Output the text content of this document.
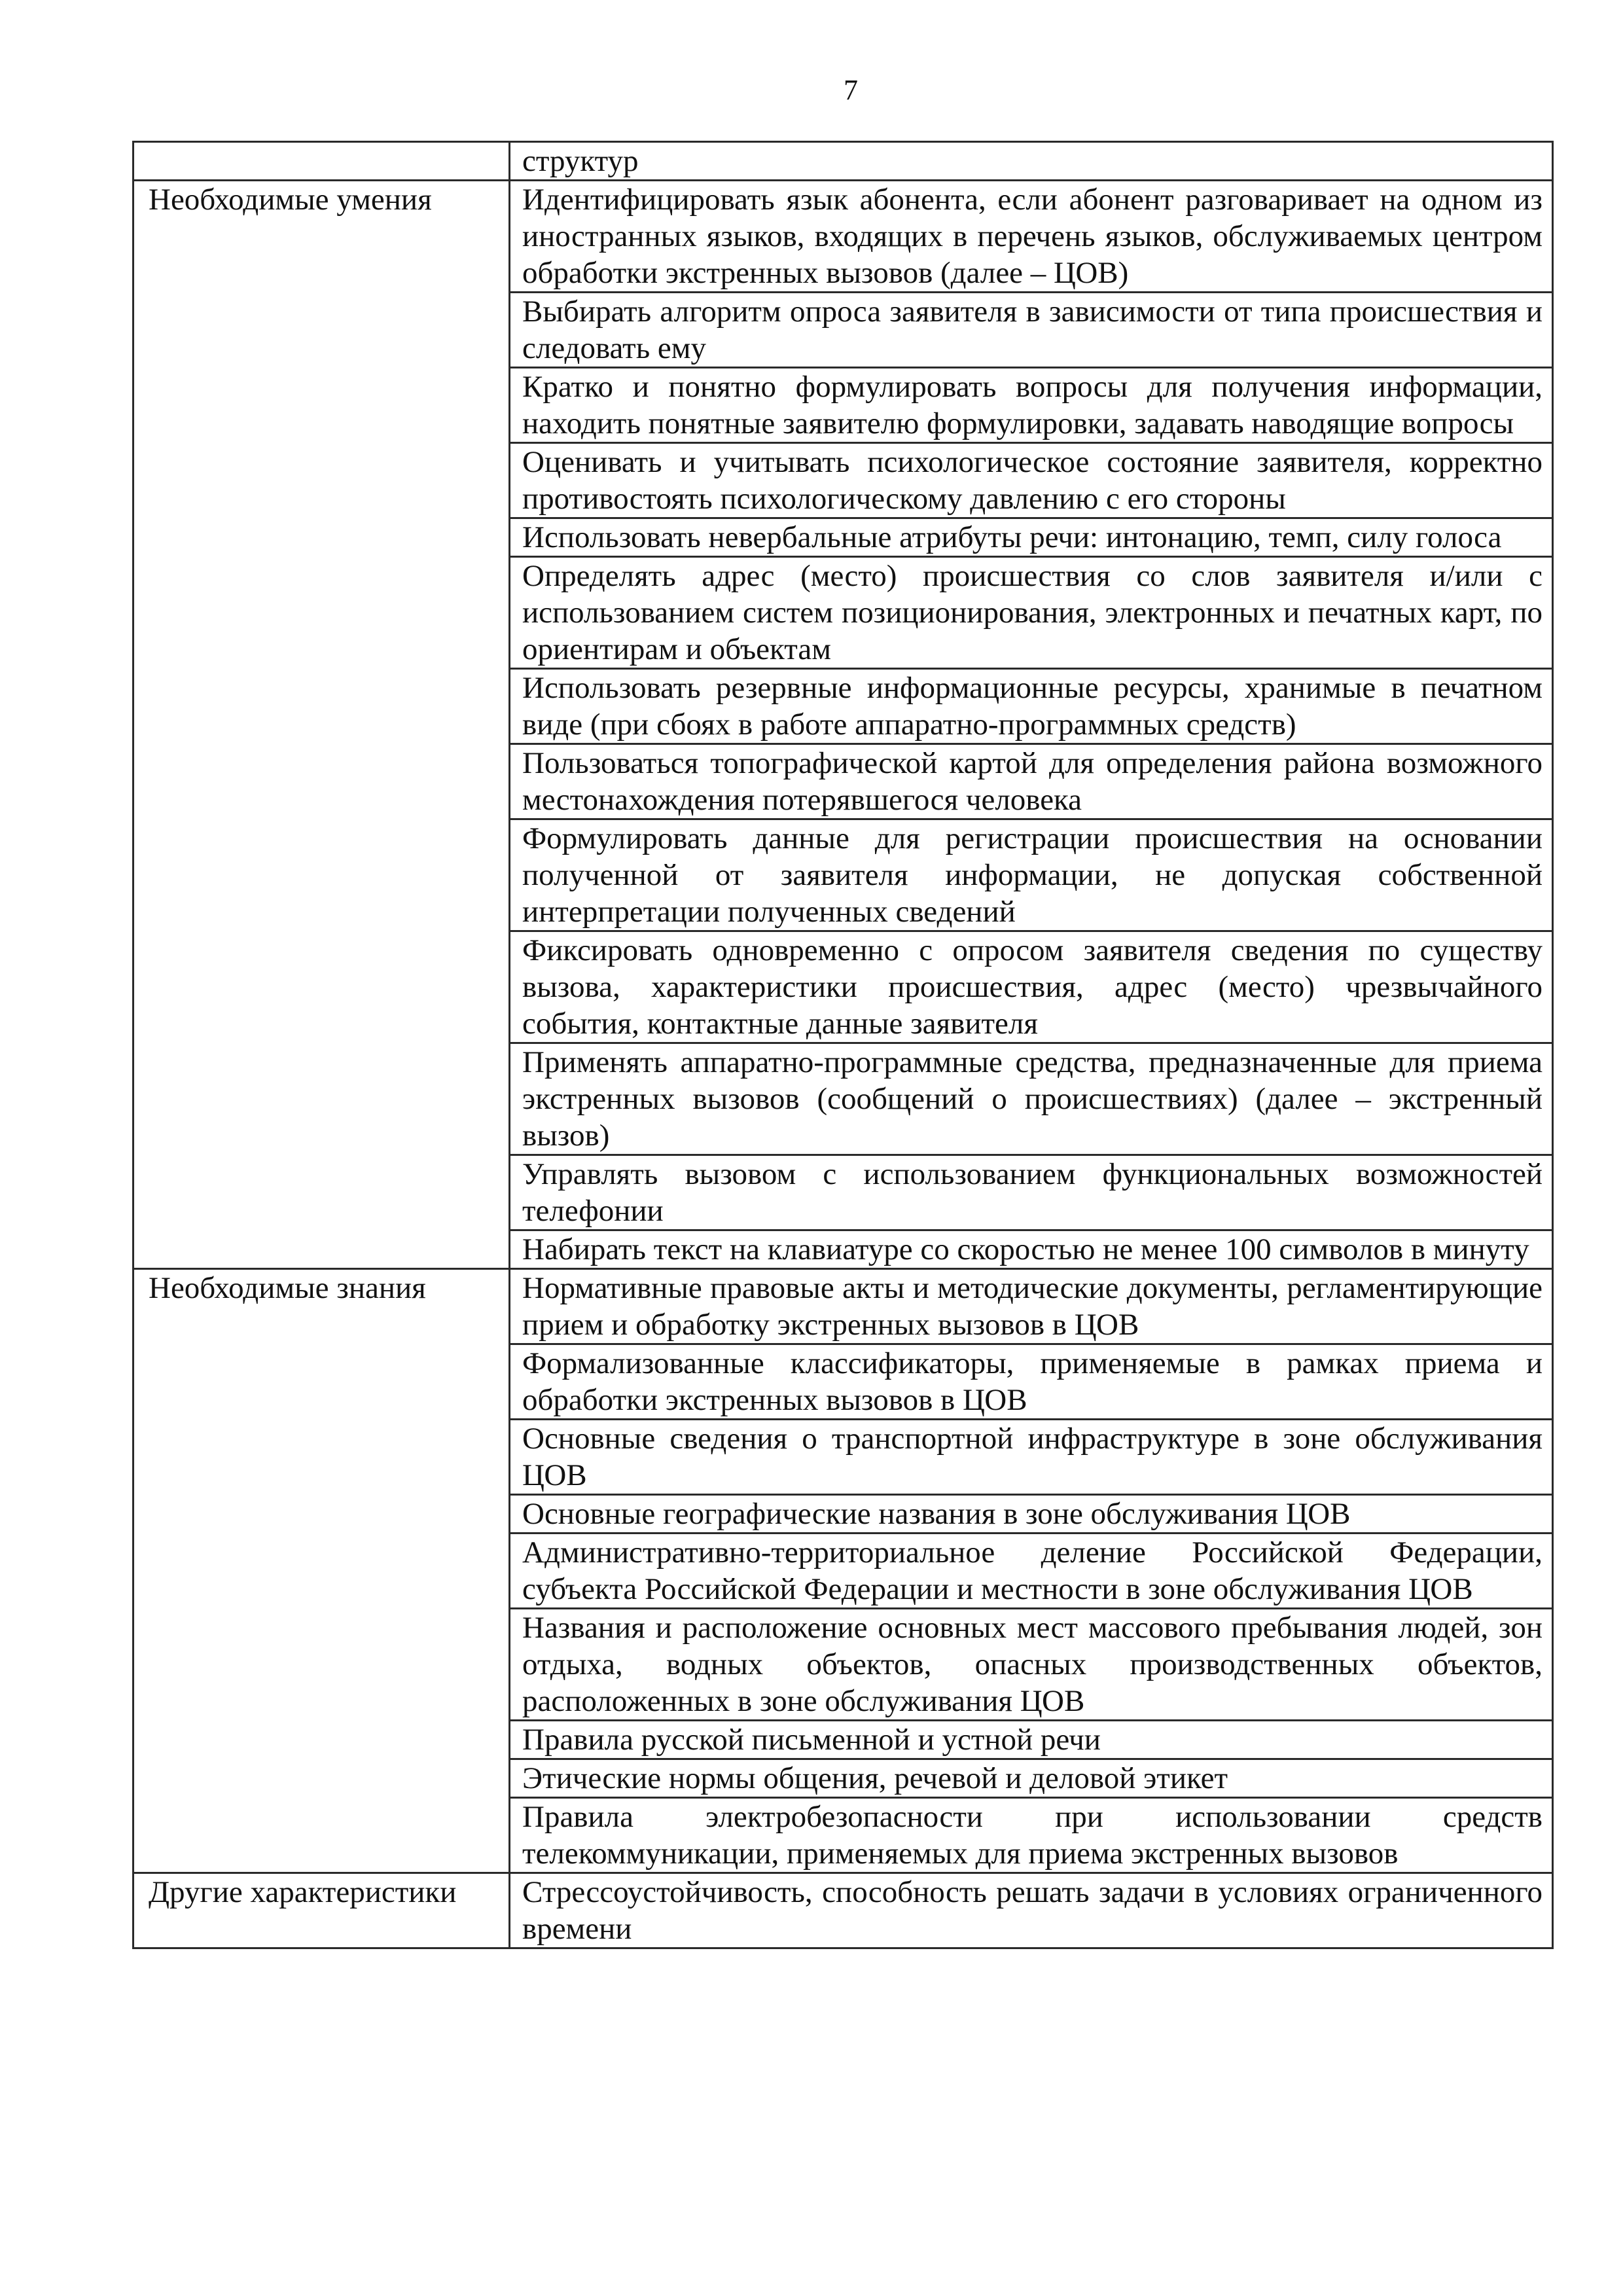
7
	структур
Необходимые умения	Идентифицировать язык абонента, если абонент разговаривает на одном из иностранных языков, входящих в перечень языков, обслуживаемых центром обработки экстренных вызовов (далее – ЦОВ)
	Выбирать алгоритм опроса заявителя в зависимости от типа происшествия и следовать ему
	Кратко и понятно формулировать вопросы для получения информации, находить понятные заявителю формулировки, задавать наводящие вопросы
	Оценивать и учитывать психологическое состояние заявителя, корректно противостоять психологическому давлению с его стороны
	Использовать невербальные атрибуты речи: интонацию, темп, силу голоса
	Определять адрес (место) происшествия со слов заявителя и/или с использованием систем позиционирования, электронных и печатных карт, по ориентирам и объектам
	Использовать резервные информационные ресурсы, хранимые в печатном виде (при сбоях в работе аппаратно-программных средств)
	Пользоваться топографической картой для определения района возможного местонахождения потерявшегося человека
	Формулировать данные для регистрации происшествия на основании полученной от заявителя информации, не допуская собственной интерпретации полученных сведений
	Фиксировать одновременно с опросом заявителя сведения по существу вызова, характеристики происшествия, адрес (место) чрезвычайного события, контактные данные заявителя
	Применять аппаратно-программные средства, предназначенные для приема экстренных вызовов (сообщений о происшествиях) (далее – экстренный вызов)
	Управлять вызовом с использованием функциональных возможностей телефонии
	Набирать текст на клавиатуре со скоростью не менее 100 символов в минуту
Необходимые знания	Нормативные правовые акты и методические документы, регламентирующие прием и обработку экстренных вызовов в ЦОВ
	Формализованные классификаторы, применяемые в рамках приема и обработки экстренных вызовов в ЦОВ
	Основные сведения о транспортной инфраструктуре в зоне обслуживания ЦОВ
	Основные географические названия в зоне обслуживания ЦОВ
	Административно-территориальное деление Российской Федерации, субъекта Российской Федерации и местности в зоне обслуживания ЦОВ
	Названия и расположение основных мест массового пребывания людей, зон отдыха, водных объектов, опасных производственных объектов, расположенных в зоне обслуживания ЦОВ
	Правила русской письменной и устной речи
	Этические нормы общения, речевой и деловой этикет
	Правила электробезопасности при использовании средств телекоммуникации, применяемых для приема экстренных вызовов
Другие характеристики	Стрессоустойчивость, способность решать задачи в условиях ограниченного времени
